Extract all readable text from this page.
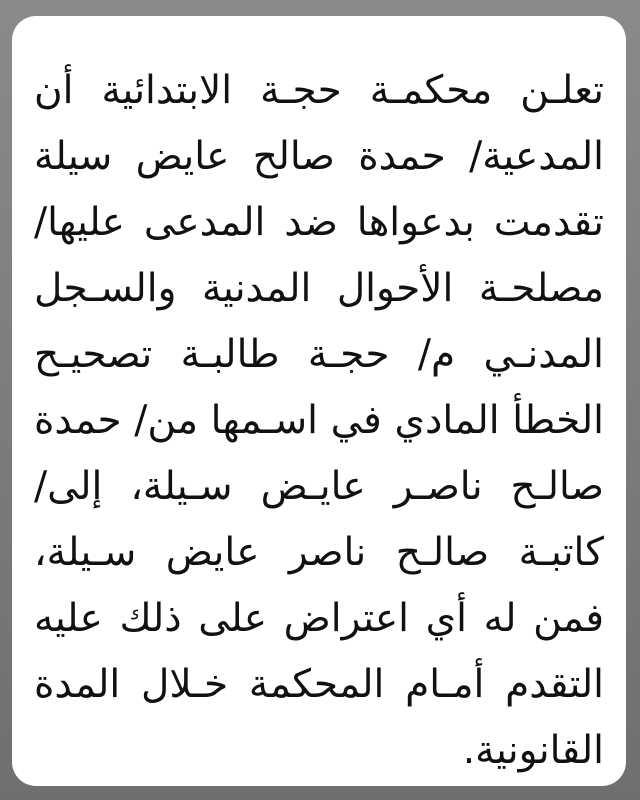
تعلـن محكمـة حجـة الابتدائية أن
المدعية/ حمدة صالح عايض سيلة
تقدمت بدعواها ضد المدعى عليها/
مصلحـة الأحوال المدنية والسـجل
المدنـي م/ حجـة طالبـة تصحيـح
الخطأ المادي في اسـمها من/ حمدة
صالـح ناصـر عايـض سـيلة، إلى/
كاتبـة صالـح ناصر عايض سـيلة،
فمن له أي اعتراض على ذلك عليه
التقدم أمـام المحكمة خـلال المدة
القانونية.
